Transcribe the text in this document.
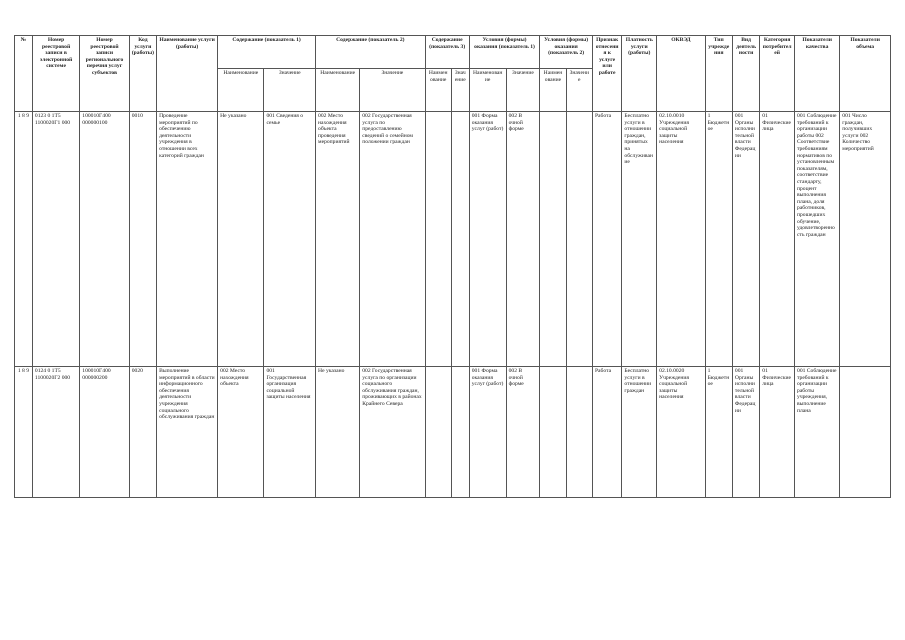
№	Номер реестровой записи в электронной системе	Номер реестровой записи регионального перечня услуг субъектов	Код услуги (работы)	Наименование услуги (работы)	Содержание (показатель 1)		Содержание (показатель 2)		Содержание (показатель 3)		Условия (формы) оказания (показатель 1)		Условия (формы) оказания (показатель 2)		Признак отнесения к услуге или работе	Платность услуги (работы)	ОКВЭД	Тип учреждения	Вид деятельности	Категория потребителей	Показатели качества	Показатели объема
					Наименование	Значение	Наименование	Значение	Наименование	Значение	Наименование	Значение	Наименование	Значение								
1 8 9	0123 0 1Т5 1100020Г1 000	100010Г400 000000100	0010	Проведение мероприятий по обеспечению деятельности учреждения в отношении всех категорий граждан	Не указано	001 Сведения о семье	002 Место нахождения объекта проведения мероприятий	002 Государственная услуга по предоставлению сведений о семейном положении граждан			001 Форма оказания услуг (работ)	002 В очной форме			Работа	Бесплатно услуги в отношении граждан, принятых на обслуживание	02.10.0010 Учреждения социальной защиты населения	1 Бюджетное	001 Органы исполнительной власти Федерации	01 Физические лица	001 Соблюдение требований к организации работы 002 Соответствие требованиям нормативов по установленным показателям, соответствие стандарту, процент выполнения плана, доля работников, прошедших обучение, удовлетворенность граждан	001 Число граждан, получивших услуги 002 Количество мероприятий
1 8 9	0124 0 1Т5 1100020Г2 000	100010Г400 000000200	0020	Выполнение мероприятий в области информационного обеспечения деятельности учреждения социального обслуживания граждан	002 Место нахождения объекта	001 Государственная организация социальной защиты населения	Не указано	002 Государственная услуга по организации социального обслуживания граждан, проживающих в районах Крайнего Севера			001 Форма оказания услуг (работ)	002 В очной форме			Работа	Бесплатно услуги в отношении граждан	02.10.0020 Учреждения социальной защиты населения	1 Бюджетное	001 Органы исполнительной власти Федерации	01 Физические лица	001 Соблюдение требований к организации работы учреждения, выполнение плана	
